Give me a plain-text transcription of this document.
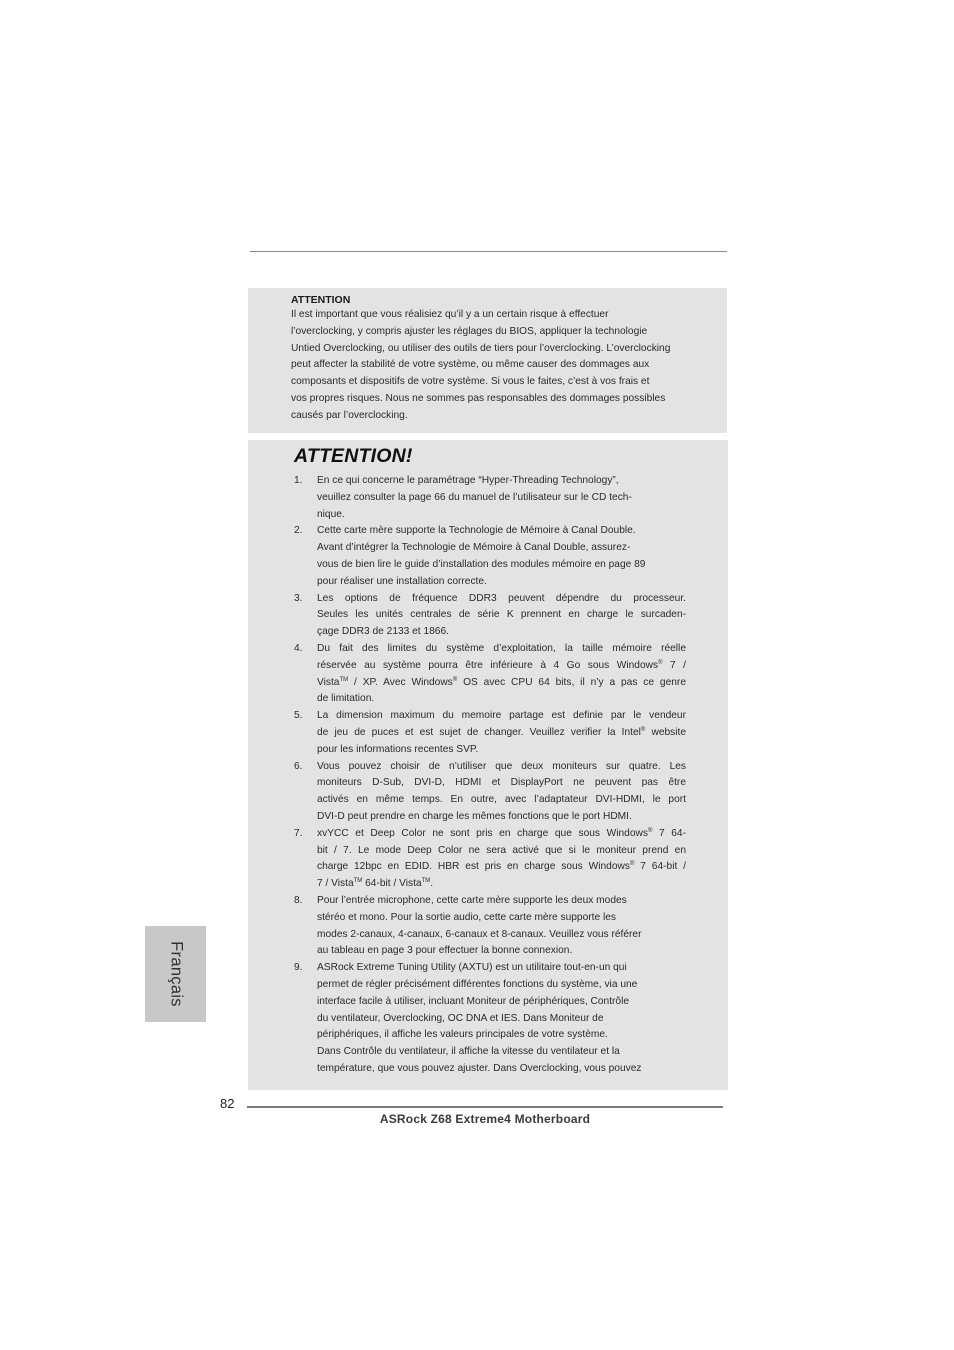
ATTENTION
Il est important que vous réalisiez qu’il y a un certain risque à effectuer
l’overclocking, y compris ajuster les réglages du BIOS, appliquer la technologie
Untied Overclocking, ou utiliser des outils de tiers pour l’overclocking. L’overclocking
peut affecter la stabilité de votre système, ou même causer des dommages aux
composants et dispositifs de votre système. Si vous le faites, c’est à vos frais et
vos propres risques. Nous ne sommes pas responsables des dommages possibles
causés par l’overclocking.
ATTENTION!
1. En ce qui concerne le paramétrage “Hyper-Threading Technology”,
veuillez consulter la page 66 du manuel de l’utilisateur sur le CD tech-
nique.
2. Cette carte mère supporte la Technologie de Mémoire à Canal Double.
Avant d’intégrer la Technologie de Mémoire à Canal Double, assurez-
vous de bien lire le guide d’installation des modules mémoire en page 89
pour réaliser une installation correcte.
3. Les options de fréquence DDR3 peuvent dépendre du processeur.
Seules les unités centrales de série K prennent en charge le surcaden-
çage DDR3 de 2133 et 1866.
4. Du fait des limites du système d’exploitation, la taille mémoire réelle
réservée au système pourra être inférieure à 4 Go sous Windows® 7 /
Vista™ / XP. Avec Windows® OS avec CPU 64 bits, il n’y a pas ce genre
de limitation.
5. La dimension maximum du memoire partage est definie par le vendeur
de jeu de puces et est sujet de changer. Veuillez verifier la Intel® website
pour les informations recentes SVP.
6. Vous pouvez choisir de n’utiliser que deux moniteurs sur quatre. Les
moniteurs D-Sub, DVI-D, HDMI et DisplayPort ne peuvent pas être
activés en même temps. En outre, avec l’adaptateur DVI-HDMI, le port
DVI-D peut prendre en charge les mêmes fonctions que le port HDMI.
7. xvYCC et Deep Color ne sont pris en charge que sous Windows® 7 64-
bit / 7. Le mode Deep Color ne sera activé que si le moniteur prend en
charge 12bpc en EDID. HBR est pris en charge sous Windows® 7 64-bit /
7 / Vista™ 64-bit / Vista™.
8. Pour l’entrée microphone, cette carte mère supporte les deux modes
stéréo et mono. Pour la sortie audio, cette carte mère supporte les
modes 2-canaux, 4-canaux, 6-canaux et 8-canaux. Veuillez vous référer
au tableau en page 3 pour effectuer la bonne connexion.
9. ASRock Extreme Tuning Utility (AXTU) est un utilitaire tout-en-un qui
permet de régler précisément différentes fonctions du système, via une
interface facile à utiliser, incluant Moniteur de périphériques, Contrôle
du ventilateur, Overclocking, OC DNA et IES. Dans Moniteur de
périphériques, il affiche les valeurs principales de votre système.
Dans Contrôle du ventilateur, il affiche la vitesse du ventilateur et la
température, que vous pouvez ajuster. Dans Overclocking, vous pouvez
Français
82
ASRock Z68 Extreme4 Motherboard
